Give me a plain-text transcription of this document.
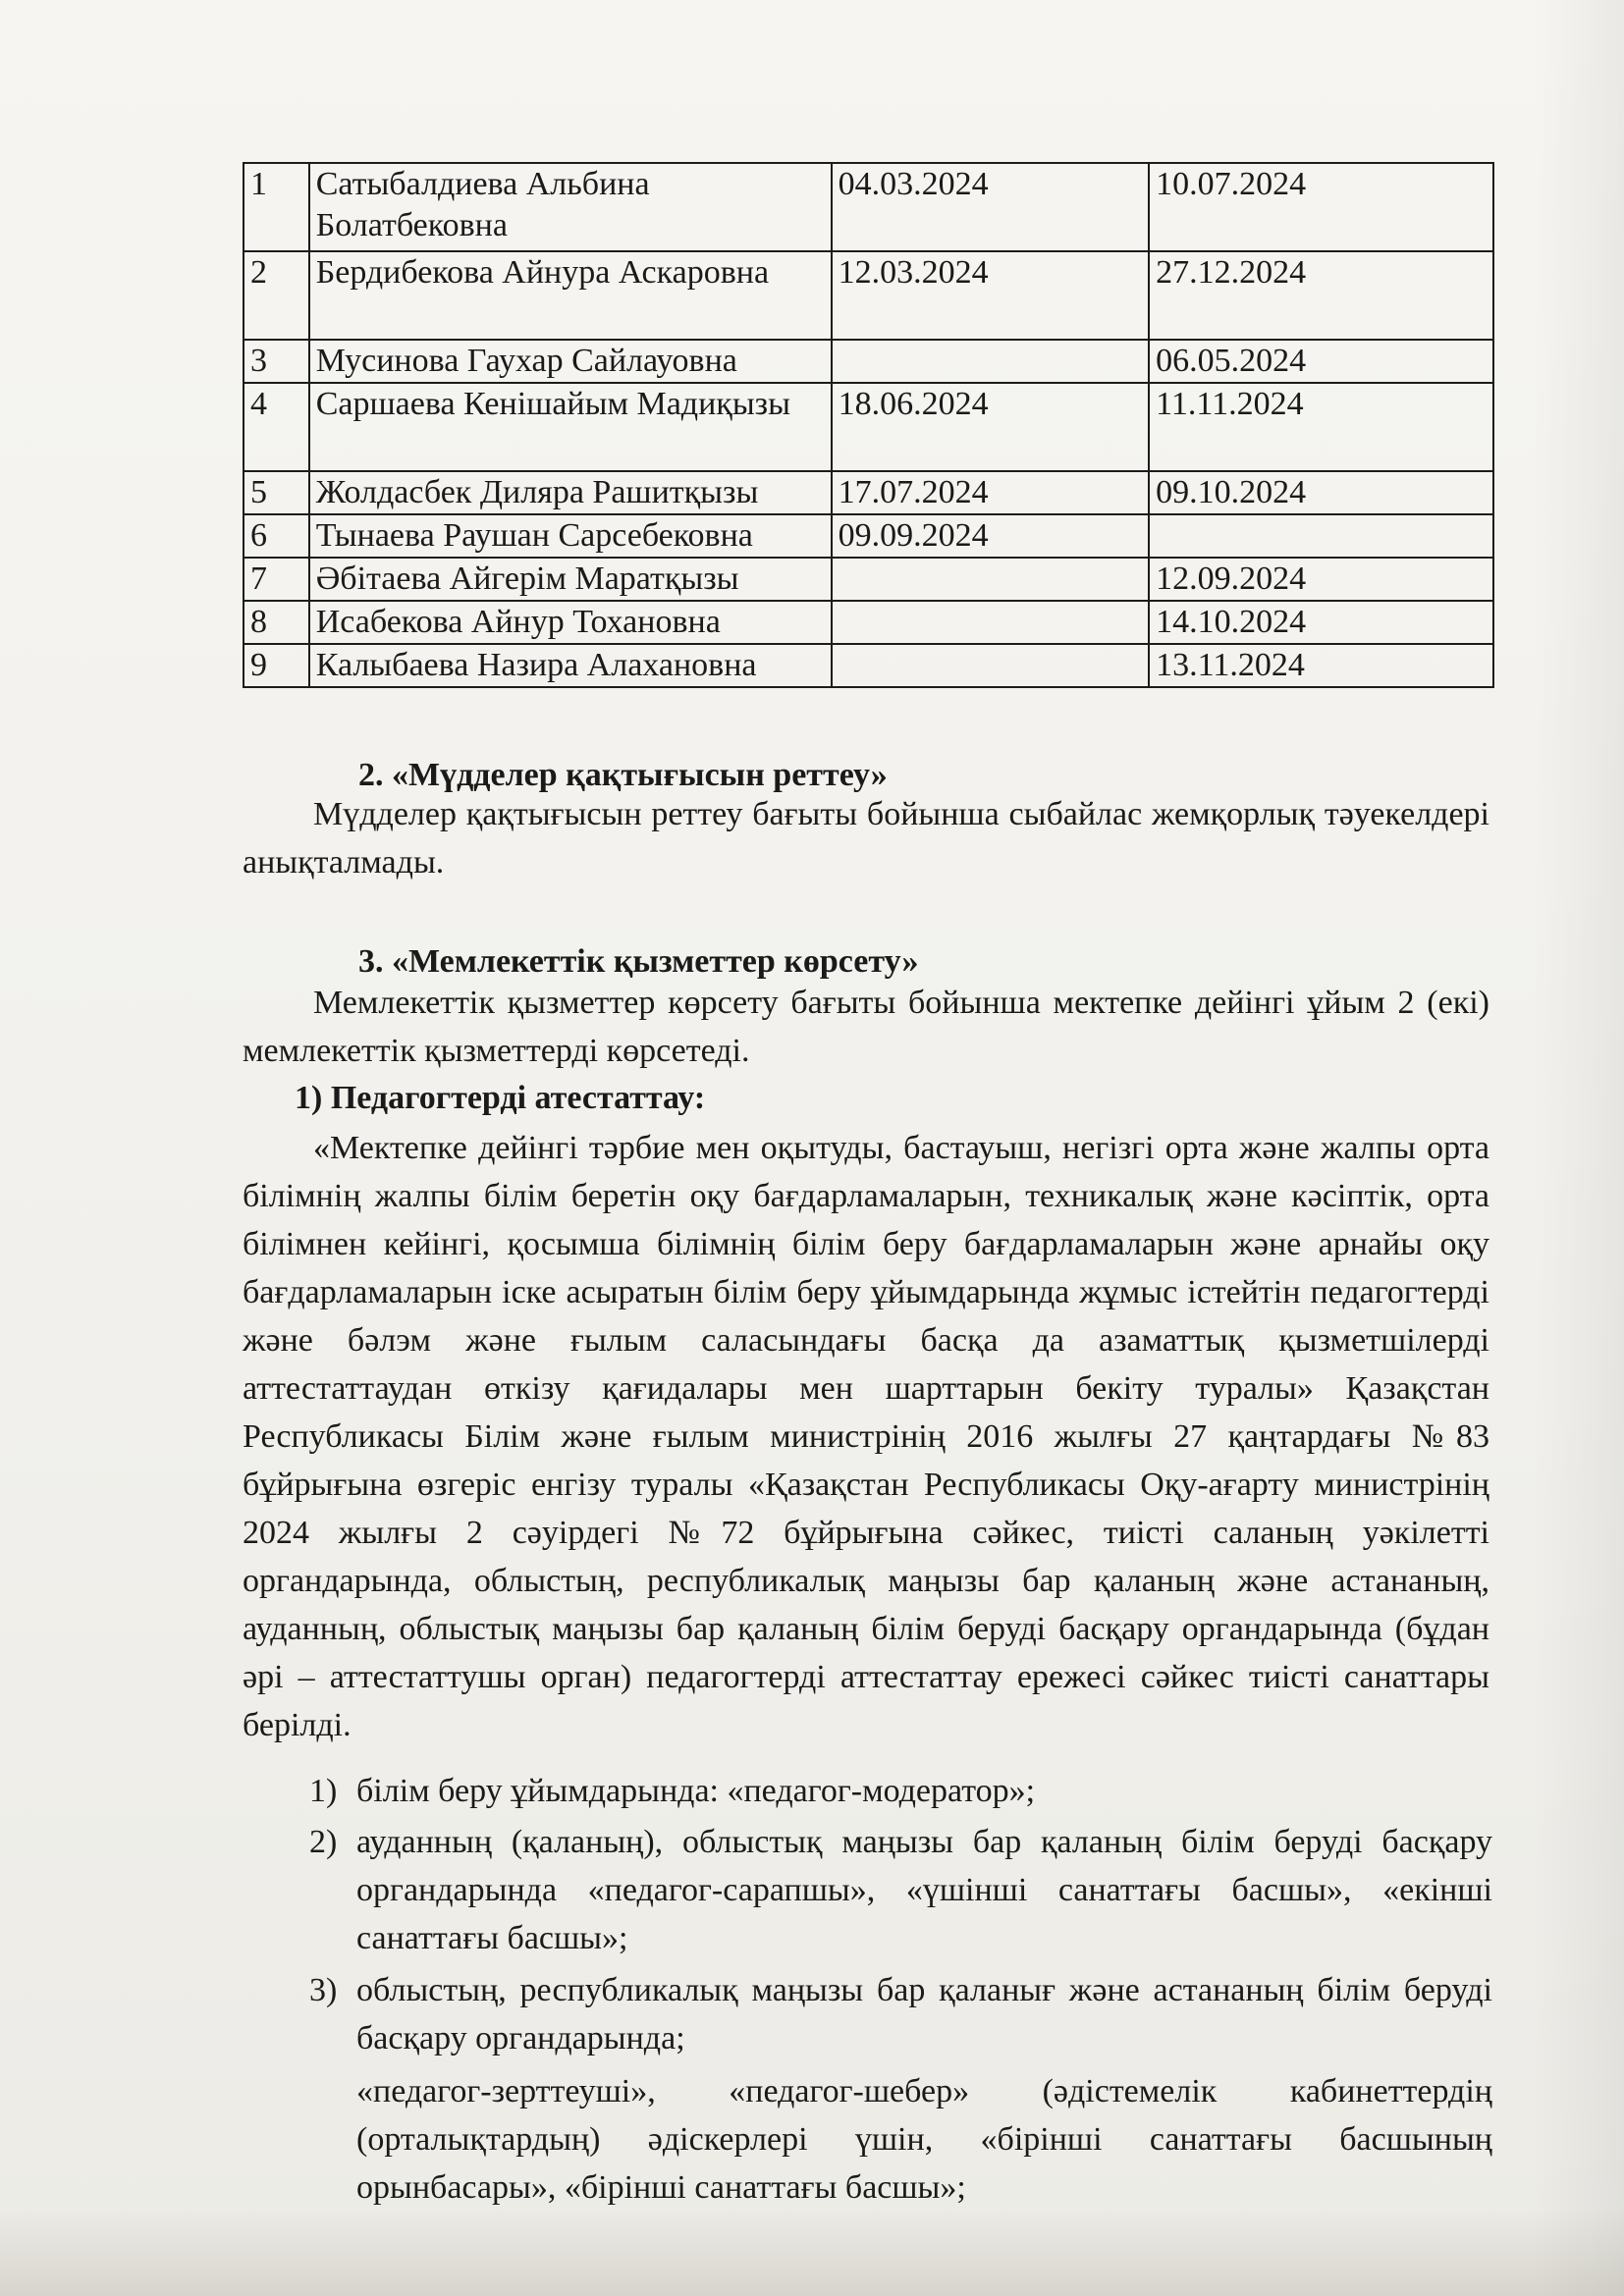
1	Сатыбалдиева Альбина Болатбековна	04.03.2024	10.07.2024
2	Бердибекова Айнура Аскаровна	12.03.2024	27.12.2024
3	Мусинова Гаухар Сайлауовна		06.05.2024
4	Саршаева Кенішайым Мадиқызы	18.06.2024	11.11.2024
5	Жолдасбек Диляра Рашитқызы	17.07.2024	09.10.2024
6	Тынаева Раушан Сарсебековна	09.09.2024	
7	Әбітаева Айгерім Маратқызы		12.09.2024
8	Исабекова Айнур Тохановна		14.10.2024
9	Калыбаева Назира Алахановна		13.11.2024

2. «Мүдделер қақтығысын реттеу»

Мүдделер қақтығысын реттеу бағыты бойынша сыбайлас жемқорлық тәуекелдері анықталмады.

3. «Мемлекеттік қызметтер көрсету»

Мемлекеттік қызметтер көрсету бағыты бойынша мектепке дейінгі ұйым 2 (екі) мемлекеттік қызметтерді көрсетеді.

1) Педагогтерді атестаттау:

«Мектепке дейінгі тәрбие мен оқытуды, бастауыш, негізгі орта және жалпы орта білімнің жалпы білім беретін оқу бағдарламаларын, техникалық және кәсіптік, орта білімнен кейінгі, қосымша білімнің білім беру бағдарламаларын және арнайы оқу бағдарламаларын іске асыратын білім беру ұйымдарында жұмыс істейтін педагогтерді және бәлэм және ғылым саласындағы басқа да азаматтық қызметшілерді аттестаттаудан өткізу қағидалары мен шарттарын бекіту туралы» Қазақстан Республикасы Білім және ғылым министрінің 2016 жылғы 27 қаңтардағы №83 бұйрығына өзгеріс енгізу туралы «Қазақстан Республикасы Оқу-ағарту министрінің 2024 жылғы 2 сәуірдегі №72 бұйрығына сәйкес, тиісті саланың уәкілетті органдарында, облыстың, республикалық маңызы бар қаланың және астананың, ауданның, облыстық маңызы бар қаланың білім беруді басқару органдарында (бұдан әрі – аттестаттушы орган) педагогтерді аттестаттау ережесі сәйкес тиісті санаттары берілді.

1) білім беру ұйымдарында: «педагог-модератор»;
2) ауданның (қаланың), облыстық маңызы бар қаланың білім беруді басқару органдарында «педагог-сарапшы», «үшінші санаттағы басшы», «екінші санаттағы басшы»;
3) облыстың, республикалық маңызы бар қаланығ және астананың білім беруді басқару органдарында;

«педагог-зерттеуші», «педагог-шебер» (әдістемелік кабинеттердің (орталықтардың) әдіскерлері үшін, «бірінші санаттағы басшының орынбасары», «бірінші санаттағы басшы»;
